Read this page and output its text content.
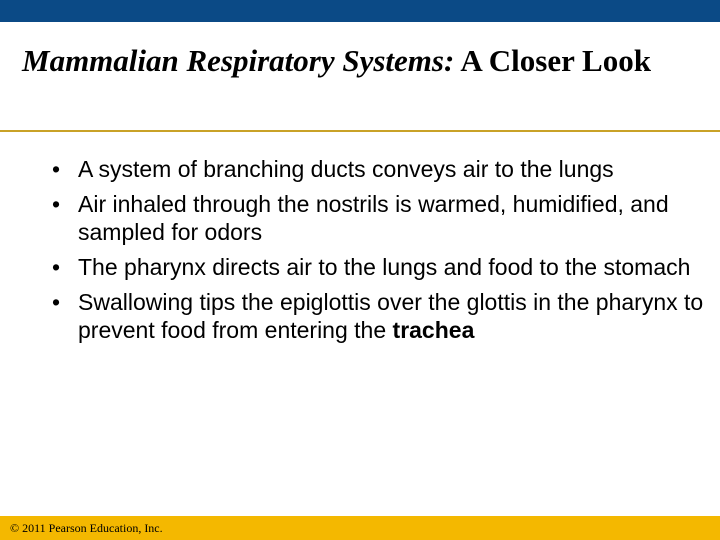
Mammalian Respiratory Systems: A Closer Look
• A system of branching ducts conveys air to the lungs
• Air inhaled through the nostrils is warmed, humidified, and sampled for odors
• The pharynx directs air to the lungs and food to the stomach
• Swallowing tips the epiglottis over the glottis in the pharynx to prevent food from entering the trachea
© 2011 Pearson Education, Inc.
